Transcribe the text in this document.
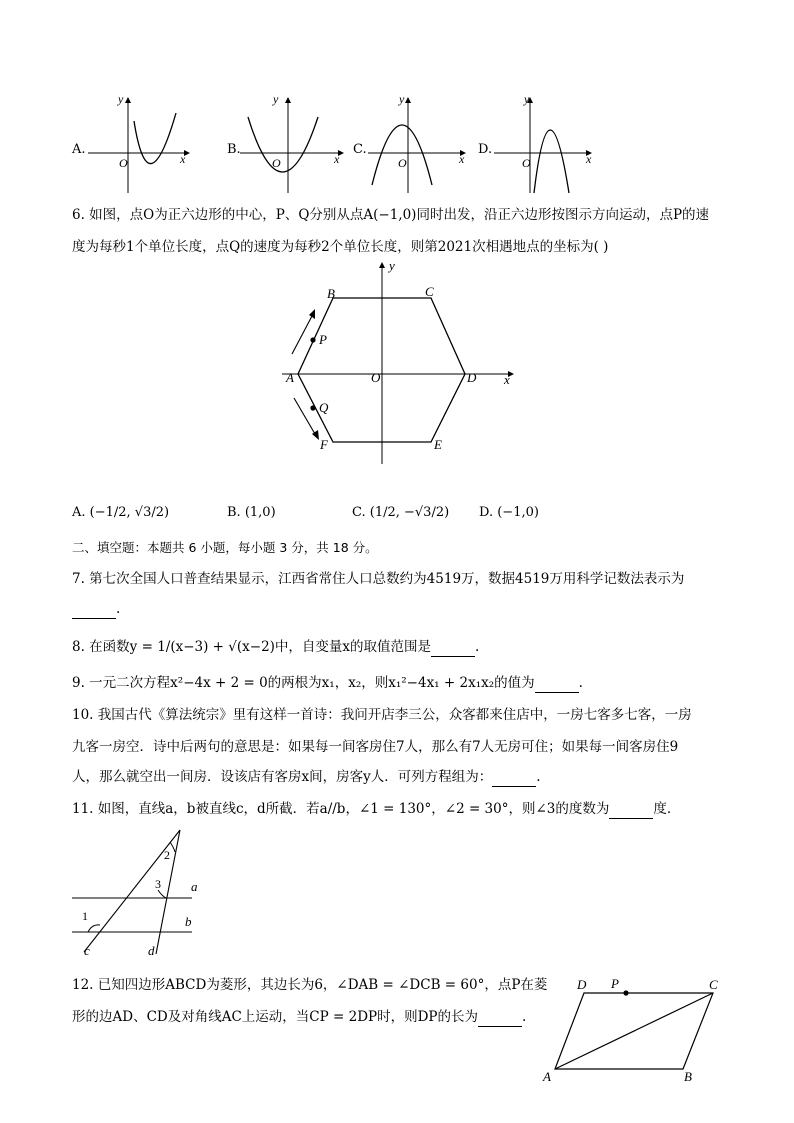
A.
y
x
O
B.
y
x
O
C.
y
x
O
D.
y
x
O
6. 如图，点O为正六边形的中心，P、Q分别从点A(−1,0)同时出发，沿正六边形按图示方向运动，点P的速
度为每秒1个单位长度，点Q的速度为每秒2个单位长度，则第2021次相遇地点的坐标为( )
A
B	C
D
E
F
O
P
Q
x
y
A. (−1/2, √3/2)	B. (1,0)	C. (1/2, −√3/2) D. (−1,0)
二、填空题：本题共 6 小题，每小题 3 分，共 18 分。
7. 第七次全国人口普查结果显示，江西省常住人口总数约为4519万，数据4519万用科学记数法表示为
.
8. 在函数y = 1/(x−3) + √(x−2)中，自变量x的取值范围是	.
9. 一元二次方程x²−4x + 2 = 0的两根为x₁，x₂，则x₁²−4x₁ + 2x₁x₂的值为	.
10. 我国古代《算法统宗》里有这样一首诗：我问开店李三公，众客都来住店中，一房七客多七客，一房
九客一房空．诗中后两句的意思是：如果每一间客房住7人，那么有7人无房可住；如果每一间客房住9
人，那么就空出一间房．设该店有客房x间，房客y人．可列方程组为：	.
11. 如图，直线a，b被直线c，d所截．若a//b，∠1 = 130°，∠2 = 30°，则∠3的度数为	度．
a
b
c	d
1
2
3
12. 已知四边形ABCD为菱形，其边长为6，∠DAB = ∠DCB = 60°，点P在菱
形的边AD、CD及对角线AC上运动，当CP = 2DP时，则DP的长为	.
A	B
C
D P
